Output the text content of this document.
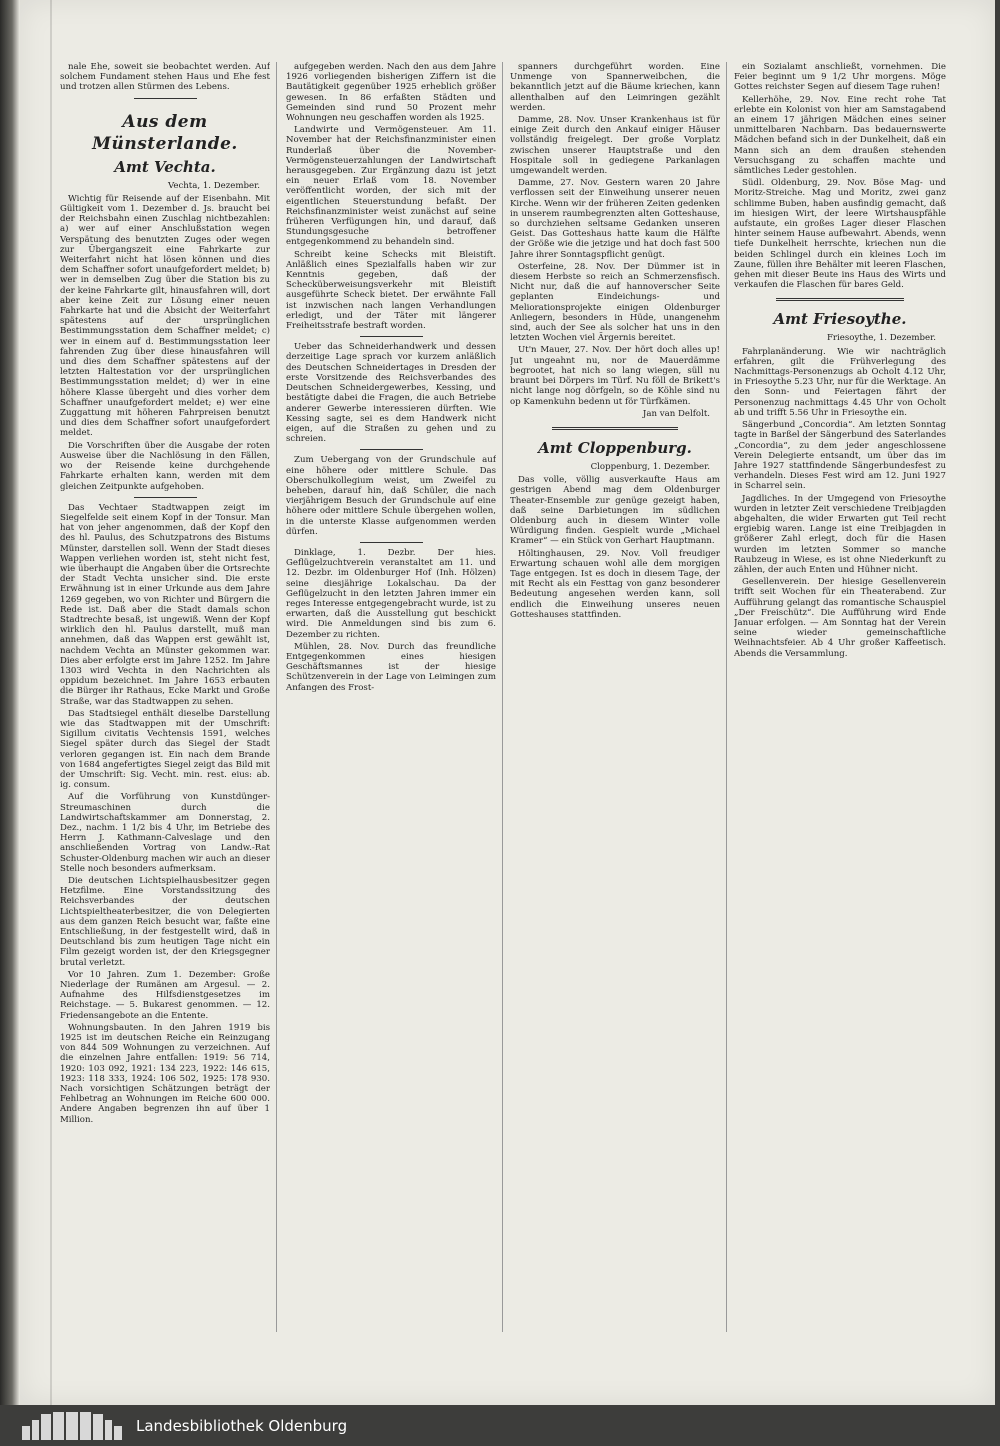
nale Ehe, soweit sie beobachtet werden. Auf solchem Fundament stehen Haus und Ehe fest und trotzen allen Stürmen des Lebens.

Aus dem Münsterlande.
Amt Vechta.

Vechta, 1. Dezember.

Wichtig für Reisende auf der Eisenbahn. Mit Gültigkeit vom 1. Dezember d. Js. braucht bei der Reichsbahn einen Zuschlag nichtbezahlen: a) wer auf einer Anschlußstation wegen Verspätung des benutzten Zuges oder wegen zur Übergangszeit eine Fahrkarte zur Weiterfahrt nicht hat lösen können und dies dem Schaffner sofort unaufgefordert meldet; b) wer in demselben Zug über die Station bis zu der keine Fahrkarte gilt, hinausfahren will, dort aber keine Zeit zur Lösung einer neuen Fahrkarte hat und die Absicht der Weiterfahrt spätestens auf der ursprünglichen Bestimmungsstation dem Schaffner meldet; c) wer in einem auf d. Bestimmungsstation leer fahrenden Zug über diese hinausfahren will und dies dem Schaffner spätestens auf der letzten Haltestation vor der ursprünglichen Bestimmungsstation meldet; d) wer in eine höhere Klasse übergeht und dies vorher dem Schaffner unaufgefordert meldet; e) wer eine Zuggattung mit höheren Fahrpreisen benutzt und dies dem Schaffner sofort unaufgefordert meldet.

Die Vorschriften über die Ausgabe der roten Ausweise über die Nachlösung in den Fällen, wo der Reisende keine durchgehende Fahrkarte erhalten kann, werden mit dem gleichen Zeitpunkte aufgehoben.

Das Vechtaer Stadtwappen zeigt im Siegelfelde seit einem Kopf in der Tonsur. Man hat von jeher angenommen, daß der Kopf den des hl. Paulus, des Schutzpatrons des Bistums Münster, darstellen soll. Wenn der Stadt dieses Wappen verliehen worden ist, steht nicht fest, wie überhaupt die Angaben über die Ortsrechte der Stadt Vechta unsicher sind. Die erste Erwähnung ist in einer Urkunde aus dem Jahre 1269 gegeben, wo von Richter und Bürgern die Rede ist. Daß aber die Stadt damals schon Stadtrechte besaß, ist ungewiß. Wenn der Kopf wirklich den hl. Paulus darstellt, muß man annehmen, daß das Wappen erst gewählt ist, nachdem Vechta an Münster gekommen war. Dies aber erfolgte erst im Jahre 1252. Im Jahre 1303 wird Vechta in den Nachrichten als oppidum bezeichnet. Im Jahre 1653 erbauten die Bürger ihr Rathaus, Ecke Markt und Große Straße, war das Stadtwappen zu sehen.

Das Stadtsiegel enthält dieselbe Darstellung wie das Stadtwappen mit der Umschrift: Sigillum civitatis Vechtensis 1591, welches Siegel später durch das Siegel der Stadt verloren gegangen ist. Ein nach dem Brande von 1684 angefertigtes Siegel zeigt das Bild mit der Umschrift: Sig. Vecht. min. rest. eius: ab. ig. consum.

Auf die Vorführung von Kunstdünger-Streumaschinen durch die Landwirtschaftskammer am Donnerstag, 2. Dez., nachm. 1 1/2 bis 4 Uhr, im Betriebe des Herrn J. Kathmann-Calveslage und den anschließenden Vortrag von Landw.-Rat Schuster-Oldenburg machen wir auch an dieser Stelle noch besonders aufmerksam.

Die deutschen Lichtspielhausbesitzer gegen Hetzfilme. Eine Vorstandssitzung des Reichsverbandes der deutschen Lichtspieltheaterbesitzer, die von Delegierten aus dem ganzen Reich besucht war, faßte eine Entschließung, in der festgestellt wird, daß in Deutschland bis zum heutigen Tage nicht ein Film gezeigt worden ist, der den Kriegsgegner brutal verletzt.

Vor 10 Jahren. Zum 1. Dezember: Große Niederlage der Rumänen am Argesul. — 2. Aufnahme des Hilfsdienstgesetzes im Reichstage. — 5. Bukarest genommen. — 12. Friedensangebote an die Entente.

Wohnungsbauten. In den Jahren 1919 bis 1925 ist im deutschen Reiche ein Reinzugang von 844 509 Wohnungen zu verzeichnen. Auf die einzelnen Jahre entfallen: 1919: 56 714, 1920: 103 092, 1921: 134 223, 1922: 146 615, 1923: 118 333, 1924: 106 502, 1925: 178 930. Nach vorsichtigen Schätzungen beträgt der Fehlbetrag an Wohnungen im Reiche 600 000. Andere Angaben begrenzen ihn auf über 1 Million.

aufgegeben werden. Nach den aus dem Jahre 1926 vorliegenden bisherigen Ziffern ist die Bautätigkeit gegenüber 1925 erheblich größer gewesen. In 86 erfaßten Städten und Gemeinden sind rund 50 Prozent mehr Wohnungen neu geschaffen worden als 1925.

Landwirte und Vermögensteuer. Am 11. November hat der Reichsfinanzminister einen Runderlaß über die November-Vermögensteuerzahlungen der Landwirtschaft herausgegeben. Zur Ergänzung dazu ist jetzt ein neuer Erlaß vom 18. November veröffentlicht worden, der sich mit der eigentlichen Steuerstundung befaßt. Der Reichsfinanzminister weist zunächst auf seine früheren Verfügungen hin, und darauf, daß Stundungsgesuche betroffener entgegenkommend zu behandeln sind.

Schreibt keine Schecks mit Bleistift. Anläßlich eines Spezialfalls haben wir zur Kenntnis gegeben, daß der Schecküberweisungsverkehr mit Bleistift ausgeführte Scheck bietet. Der erwähnte Fall ist inzwischen nach langen Verhandlungen erledigt, und der Täter mit längerer Freiheitsstrafe bestraft worden.

Ueber das Schneiderhandwerk und dessen derzeitige Lage sprach vor kurzem anläßlich des Deutschen Schneidertages in Dresden der erste Vorsitzende des Reichsverbandes des Deutschen Schneidergewerbes, Kessing, und bestätigte dabei die Fragen, die auch Betriebe anderer Gewerbe interessieren dürften. Wie Kessing sagte, sei es dem Handwerk nicht eigen, auf die Straßen zu gehen und zu schreien.

Zum Uebergang von der Grundschule auf eine höhere oder mittlere Schule. Das Oberschulkollegium weist, um Zweifel zu beheben, darauf hin, daß Schüler, die nach vierjährigem Besuch der Grundschule auf eine höhere oder mittlere Schule übergehen wollen, in die unterste Klasse aufgenommen werden dürfen.

Dinklage, 1. Dezbr. Der hies. Geflügelzuchtverein veranstaltet am 11. und 12. Dezbr. im Oldenburger Hof (Inh. Hölzen) seine diesjährige Lokalschau. Da der Geflügelzucht in den letzten Jahren immer ein reges Interesse entgegengebracht wurde, ist zu erwarten, daß die Ausstellung gut beschickt wird. Die Anmeldungen sind bis zum 6. Dezember zu richten.

Mühlen, 28. Nov. Durch das freundliche Entgegenkommen eines hiesigen Geschäftsmannes ist der hiesige Schützenverein in der Lage von Leimingen zum Anfangen des Frost-

spanners durchgeführt worden. Eine Unmenge von Spannerweibchen, die bekanntlich jetzt auf die Bäume kriechen, kann allenthalben auf den Leimringen gezählt werden.

Damme, 28. Nov. Unser Krankenhaus ist für einige Zeit durch den Ankauf einiger Häuser vollständig freigelegt. Der große Vorplatz zwischen unserer Hauptstraße und den Hospitale soll in gediegene Parkanlagen umgewandelt werden.

Damme, 27. Nov. Gestern waren 20 Jahre verflossen seit der Einweihung unserer neuen Kirche. Wenn wir der früheren Zeiten gedenken in unserem raumbegrenzten alten Gotteshause, so durchziehen seltsame Gedanken unseren Geist. Das Gotteshaus hatte kaum die Hälfte der Größe wie die jetzige und hat doch fast 500 Jahre ihrer Sonntagspflicht genügt.

Osterfeine, 28. Nov. Der Dümmer ist in diesem Herbste so reich an Schmerzensfisch. Nicht nur, daß die auf hannoverscher Seite geplanten Eindeichungs- und Meliorationsprojekte einigen Oldenburger Anliegern, besonders in Hüde, unangenehm sind, auch der See als solcher hat uns in den letzten Wochen viel Ärgernis bereitet.

Ut'n Mauer, 27. Nov. Der hört doch alles up! Jut ungeahnt nu, nor de Mauerdämme begrootet, hat nich so lang wiegen, süll nu braunt bei Dörpers im Türf. Nu föll de Brikett's nicht lange nog dörfgeln, so de Köhle sind nu op Kamenkuhn bedenn ut för Türfkämen.

Jan van Delfolt.

Amt Cloppenburg.

Cloppenburg, 1. Dezember.

Das volle, völlig ausverkaufte Haus am gestrigen Abend mag dem Oldenburger Theater-Ensemble zur genüge gezeigt haben, daß seine Darbietungen im südlichen Oldenburg auch in diesem Winter volle Würdigung finden. Gespielt wurde „Michael Kramer“ — ein Stück von Gerhart Hauptmann.

Höltinghausen, 29. Nov. Voll freudiger Erwartung schauen wohl alle dem morgigen Tage entgegen. Ist es doch in diesem Tage, der mit Recht als ein Festtag von ganz besonderer Bedeutung angesehen werden kann, soll endlich die Einweihung unseres neuen Gotteshauses stattfinden.

ein Sozialamt anschließt, vornehmen. Die Feier beginnt um 9 1/2 Uhr morgens. Möge Gottes reichster Segen auf diesem Tage ruhen!

Kellerhöhe, 29. Nov. Eine recht rohe Tat erlebte ein Kolonist von hier am Samstagabend an einem 17 jährigen Mädchen eines seiner unmittelbaren Nachbarn. Das bedauernswerte Mädchen befand sich in der Dunkelheit, daß ein Mann sich an dem draußen stehenden Versuchsgang zu schaffen machte und sämtliches Leder gestohlen.

Südl. Oldenburg, 29. Nov. Böse Mag- und Moritz-Streiche. Mag und Moritz, zwei ganz schlimme Buben, haben ausfindig gemacht, daß im hiesigen Wirt, der leere Wirtshauspfähle aufstaute, ein großes Lager dieser Flaschen hinter seinem Hause aufbewahrt. Abends, wenn tiefe Dunkelheit herrschte, kriechen nun die beiden Schlingel durch ein kleines Loch im Zaune, füllen ihre Behälter mit leeren Flaschen, gehen mit dieser Beute ins Haus des Wirts und verkaufen die Flaschen für bares Geld.

Amt Friesoythe.

Friesoythe, 1. Dezember.

Fahrplanänderung. Wie wir nachträglich erfahren, gilt die Frühverlegung des Nachmittags-Personenzugs ab Ocholt 4.12 Uhr, in Friesoythe 5.23 Uhr, nur für die Werktage. An den Sonn- und Feiertagen fährt der Personenzug nachmittags 4.45 Uhr von Ocholt ab und trifft 5.56 Uhr in Friesoythe ein.

Sängerbund „Concordia“. Am letzten Sonntag tagte in Barßel der Sängerbund des Saterlandes „Concordia“, zu dem jeder angeschlossene Verein Delegierte entsandt, um über das im Jahre 1927 stattfindende Sängerbundesfest zu verhandeln. Dieses Fest wird am 12. Juni 1927 in Scharrel sein.

Jagdliches. In der Umgegend von Friesoythe wurden in letzter Zeit verschiedene Treibjagden abgehalten, die wider Erwarten gut Teil recht ergiebig waren. Lange ist eine Treibjagden in größerer Zahl erlegt, doch für die Hasen wurden im letzten Sommer so manche Raubzeug in Wiese, es ist ohne Niederkunft zu zählen, der auch Enten und Hühner nicht.

Gesellenverein. Der hiesige Gesellenverein trifft seit Wochen für ein Theaterabend. Zur Aufführung gelangt das romantische Schauspiel „Der Freischütz“. Die Aufführung wird Ende Januar erfolgen. — Am Sonntag hat der Verein seine wieder gemeinschaftliche Weihnachtsfeier. Ab 4 Uhr großer Kaffeetisch. Abends die Versammlung.

Landesbibliothek Oldenburg
